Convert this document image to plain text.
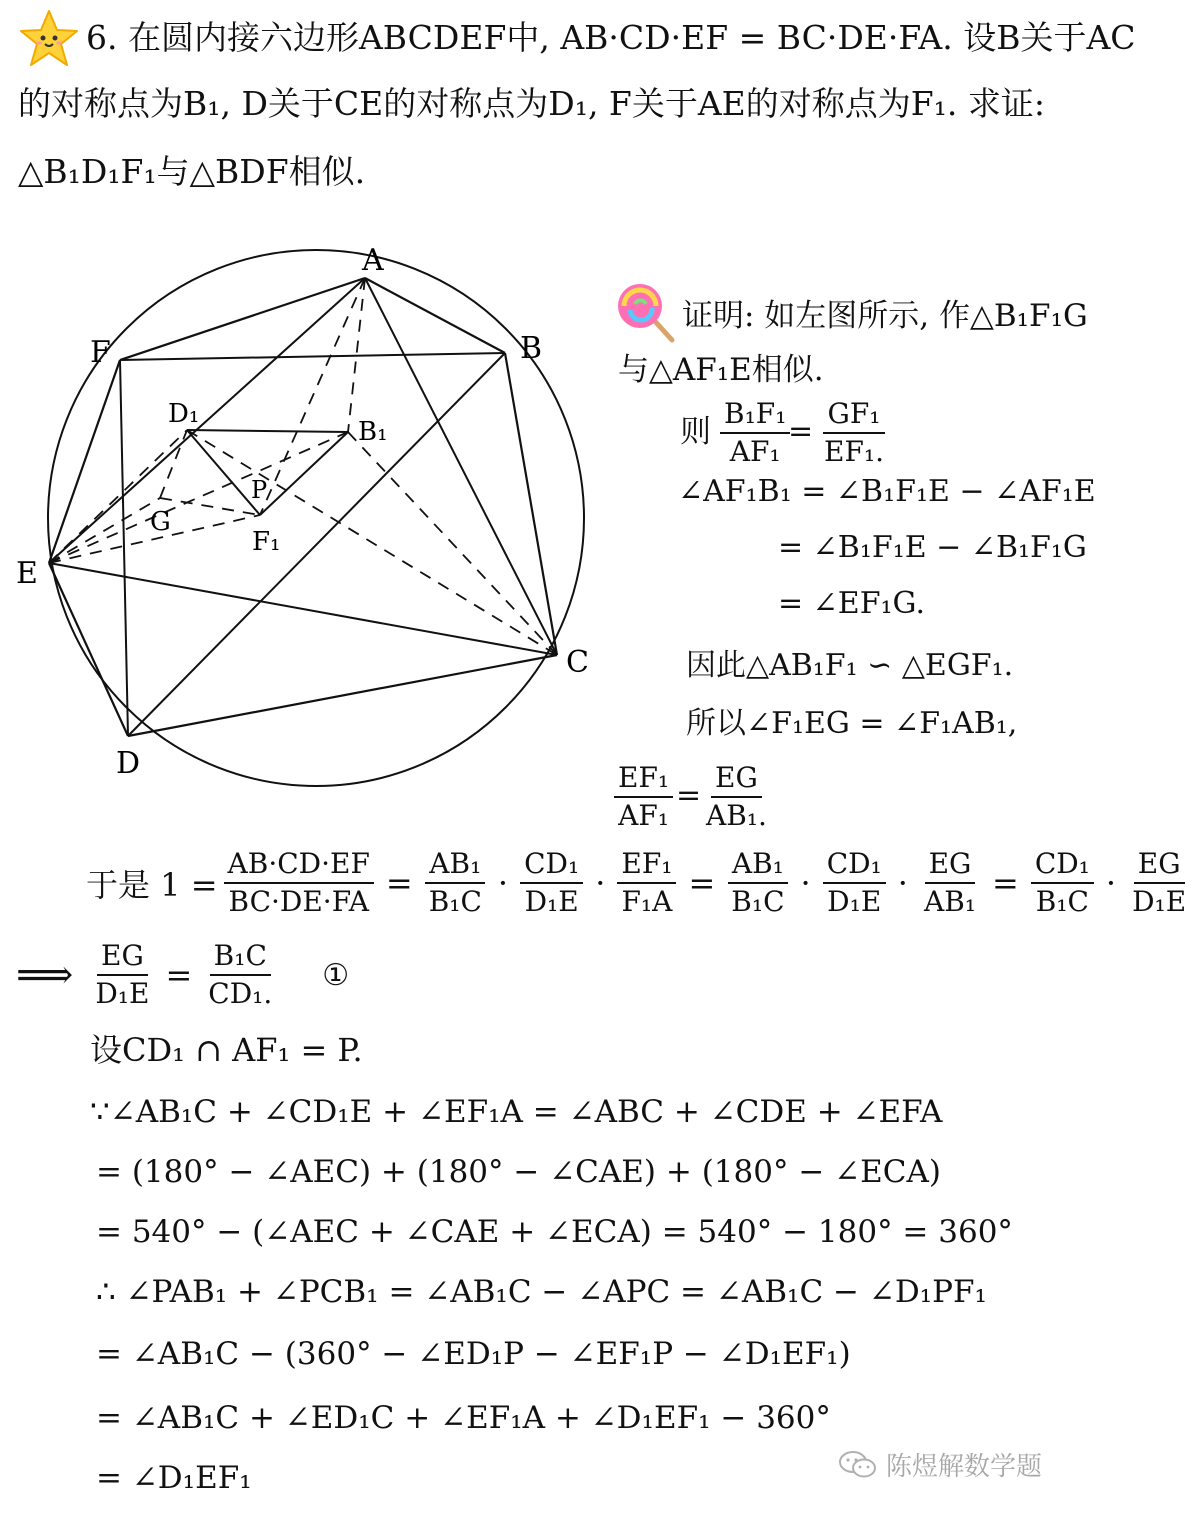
6. 在圆内接六边形ABCDEF中, AB·CD·EF = BC·DE·FA. 设B关于AC
的对称点为B₁, D关于CE的对称点为D₁, F关于AE的对称点为F₁. 求证:
△B₁D₁F₁与△BDF相似.
A
B
C
D
E
F
B₁
D₁
F₁
G
P
证明: 如左图所示, 作△B₁F₁G
与△AF₁E相似.
则 $\frac{\text{B₁F₁}}{\text{AF₁}}$
= $\frac{\text{GF₁}}{\text{EF₁.}}$
∠AF₁B₁ = ∠B₁F₁E − ∠AF₁E
= ∠B₁F₁E − ∠B₁F₁G
= ∠EF₁G.
因此△AB₁F₁ ∽ △EGF₁.
所以∠F₁EG = ∠F₁AB₁,
$\frac{\text{EF₁}}{\text{AF₁}} = \frac{EG}{\text{AB₁.}}$
于是 $1 = \frac{AB\cdot CD\cdot EF}{BC\cdot DE\cdot FA} = \frac{\text{AB₁}}{\text{B₁C}} \cdot \frac{\text{CD₁}}{\text{D₁E}} \cdot \frac{\text{EF₁}}{\text{F₁A}} = \frac{\text{AB₁}}{\text{B₁C}} \cdot \frac{\text{CD₁}}{\text{D₁E}} \cdot \frac{EG}{\text{AB₁}} = \frac{\text{CD₁}}{\text{B₁C}} \cdot \frac{EG}{\text{D₁E}}$
⟹ $\frac{EG}{\text{D₁E}} = \frac{\text{B₁C}}{\text{CD₁.}}$ ①
设CD₁ ∩ AF₁ = P.
∵∠AB₁C + ∠CD₁E + ∠EF₁A = ∠ABC + ∠CDE + ∠EFA
= (180° − ∠AEC) + (180° − ∠CAE) + (180° − ∠ECA)
= 540° − (∠AEC + ∠CAE + ∠ECA) = 540° − 180° = 360°
∴ ∠PAB₁ + ∠PCB₁ = ∠AB₁C − ∠APC = ∠AB₁C − ∠D₁PF₁
= ∠AB₁C − (360° − ∠ED₁P − ∠EF₁P − ∠D₁EF₁)
= ∠AB₁C + ∠ED₁C + ∠EF₁A + ∠D₁EF₁ − 360°
= ∠D₁EF₁	陈煜解数学题
